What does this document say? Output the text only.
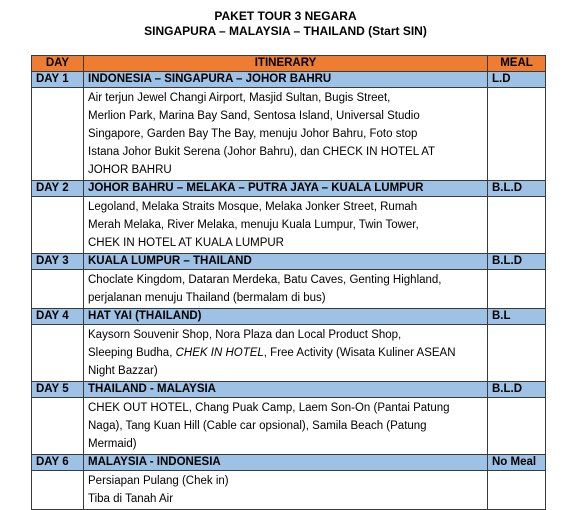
PAKET TOUR 3 NEGARA
SINGAPURA – MALAYSIA – THAILAND (Start SIN)
DAY	ITINERARY	MEAL
DAY 1	INDONESIA – SINGAPURA – JOHOR BAHRU	L.D

	Air terjun Jewel Changi Airport, Masjid Sultan, Bugis Street,
Merlion Park, Marina Bay Sand, Sentosa Island, Universal Studio
Singapore, Garden Bay The Bay, menuju Johor Bahru, Foto stop
Istana Johor Bukit Serena (Johor Bahru), dan CHECK IN HOTEL AT
JOHOR BAHRU	

DAY 2	JOHOR BAHRU – MELAKA – PUTRA JAYA – KUALA LUMPUR	B.L.D

	Legoland, Melaka Straits Mosque, Melaka Jonker Street, Rumah
Merah Melaka, River Melaka, menuju Kuala Lumpur, Twin Tower,
CHEK IN HOTEL AT KUALA LUMPUR	

DAY 3	KUALA LUMPUR – THAILAND	B.L.D

	Choclate Kingdom, Dataran Merdeka, Batu Caves, Genting Highland,
perjalanan menuju Thailand (bermalam di bus)	

DAY 4	HAT YAI (THAILAND)	B.L

	Kaysorn Souvenir Shop, Nora Plaza dan Local Product Shop,
Sleeping Budha, CHEK IN HOTEL, Free Activity (Wisata Kuliner ASEAN
Night Bazzar)	

DAY 5	THAILAND - MALAYSIA	B.L.D

	CHEK OUT HOTEL, Chang Puak Camp, Laem Son-On (Pantai Patung
Naga), Tang Kuan Hill (Cable car opsional), Samila Beach (Patung
Mermaid)	

DAY 6	MALAYSIA - INDONESIA	No Meal

	Persiapan Pulang (Chek in)
Tiba di Tanah Air	
